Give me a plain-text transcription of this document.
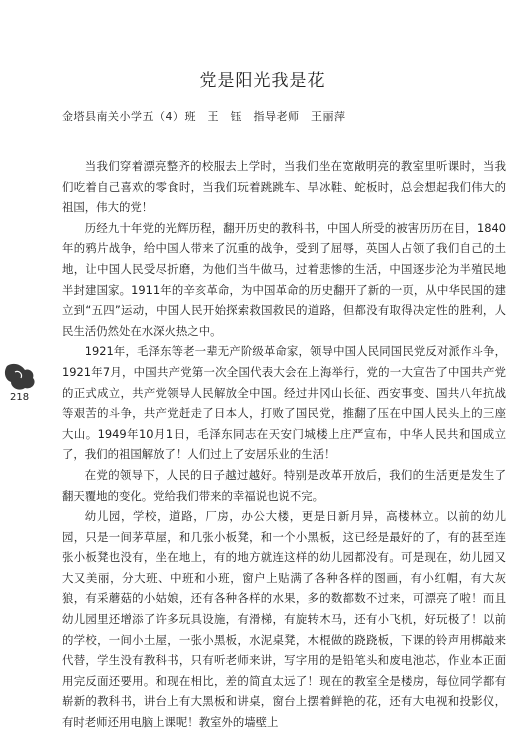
党是阳光我是花
金塔县南关小学五（4）班　王　钰　指导老师　王丽萍
218

当我们穿着漂亮整齐的校服去上学时，当我们坐在宽敞明亮的教室里听课时，当我们吃着自己喜欢的零食时，当我们玩着跳跳车、旱冰鞋、蛇板时，总会想起我们伟大的祖国，伟大的党！

历经九十年党的光辉历程，翻开历史的教科书，中国人所受的被害历历在目，1840年的鸦片战争，给中国人带来了沉重的战争，受到了屈辱，英国人占领了我们自己的土地，让中国人民受尽折磨，为他们当牛做马，过着悲惨的生活，中国逐步沦为半殖民地半封建国家。1911年的辛亥革命，为中国革命的历史翻开了新的一页，从中华民国的建立到“五四”运动，中国人民开始探索救国救民的道路，但都没有取得决定性的胜利，人民生活仍然处在水深火热之中。

1921年，毛泽东等老一辈无产阶级革命家，领导中国人民同国民党反对派作斗争，1921年7月，中国共产党第一次全国代表大会在上海举行，党的一大宣告了中国共产党的正式成立，共产党领导人民解放全中国。经过井冈山长征、西安事变、国共八年抗战等艰苦的斗争，共产党赶走了日本人，打败了国民党，推翻了压在中国人民头上的三座大山。1949年10月1日，毛泽东同志在天安门城楼上庄严宣布，中华人民共和国成立了，我们的祖国解放了！人们过上了安居乐业的生活！

在党的领导下，人民的日子越过越好。特别是改革开放后，我们的生活更是发生了翻天覆地的变化。党给我们带来的幸福说也说不完。

幼儿园，学校，道路，厂房，办公大楼，更是日新月异，高楼林立。以前的幼儿园，只是一间茅草屋，和几张小板凳，和一个小黑板，这已经是最好的了，有的甚至连张小板凳也没有，坐在地上，有的地方就连这样的幼儿园都没有。可是现在，幼儿园又大又美丽，分大班、中班和小班，窗户上贴满了各种各样的图画，有小红帽，有大灰狼，有采蘑菇的小姑娘，还有各种各样的水果，多的数都数不过来，可漂亮了啦！而且幼儿园里还增添了许多玩具设施，有滑梯，有旋转木马，还有小飞机，好玩极了！以前的学校，一间小土屋，一张小黑板，水泥桌凳，木棍做的跷跷板，下课的铃声用梆敲来代替，学生没有教科书，只有听老师来讲，写字用的是铅笔头和废电池芯，作业本正面用完反面还要用。和现在相比，差的简直太远了！现在的教室全是楼房，每位同学都有崭新的教科书，讲台上有大黑板和讲桌，窗台上摆着鲜艳的花，还有大电视和投影仪，有时老师还用电脑上课呢！教室外的墙壁上
